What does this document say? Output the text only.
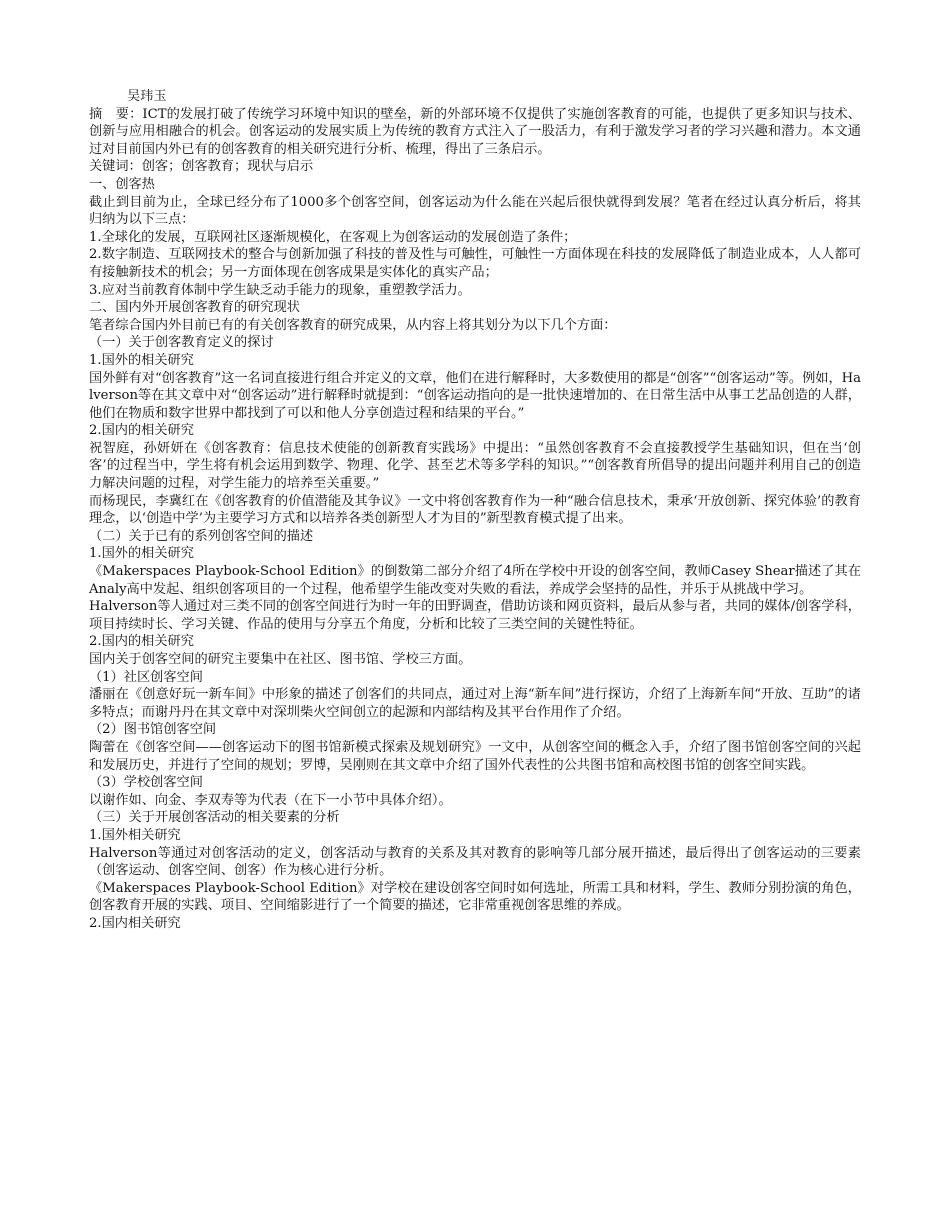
吴玮玉

摘　要：ICT的发展打破了传统学习环境中知识的壁垒，新的外部环境不仅提供了实施创客教育的可能，也提供了更多知识与技术、创新与应用相融合的机会。创客运动的发展实质上为传统的教育方式注入了一股活力，有利于激发学习者的学习兴趣和潜力。本文通过对目前国内外已有的创客教育的相关研究进行分析、梳理，得出了三条启示。

关键词：创客；创客教育；现状与启示

一、创客热

截止到目前为止，全球已经分布了1000多个创客空间，创客运动为什么能在兴起后很快就得到发展？笔者在经过认真分析后，将其归纳为以下三点：

1.全球化的发展，互联网社区逐渐规模化，在客观上为创客运动的发展创造了条件；

2.数字制造、互联网技术的整合与创新加强了科技的普及性与可触性，可触性一方面体现在科技的发展降低了制造业成本，人人都可有接触新技术的机会；另一方面体现在创客成果是实体化的真实产品；

3.应对当前教育体制中学生缺乏动手能力的现象，重塑教学活力。

二、国内外开展创客教育的研究现状

笔者综合国内外目前已有的有关创客教育的研究成果，从内容上将其划分为以下几个方面：

（一）关于创客教育定义的探讨

1.国外的相关研究

国外鲜有对“创客教育”这一名词直接进行组合并定义的文章，他们在进行解释时，大多数使用的都是“创客”“创客运动”等。例如，Halverson等在其文章中对“创客运动”进行解释时就提到：“创客运动指向的是一批快速增加的、在日常生活中从事工艺品创造的人群，他们在物质和数字世界中都找到了可以和他人分享创造过程和结果的平台。”

2.国内的相关研究

祝智庭，孙妍妍在《创客教育：信息技术使能的创新教育实践场》中提出：“虽然创客教育不会直接教授学生基础知识，但在当‘创客’的过程当中，学生将有机会运用到数学、物理、化学、甚至艺术等多学科的知识。”“创客教育所倡导的提出问题并利用自己的创造力解决问题的过程，对学生能力的培养至关重要。”

而杨现民，李冀红在《创客教育的价值潜能及其争议》一文中将创客教育作为一种“融合信息技术，秉承‘开放创新、探究体验’的教育理念，以‘创造中学’为主要学习方式和以培养各类创新型人才为目的”新型教育模式提了出来。

（二）关于已有的系列创客空间的描述

1.国外的相关研究

《Makerspaces Playbook-School Edition》的倒数第二部分介绍了4所在学校中开设的创客空间，教师Casey Shear描述了其在Analy高中发起、组织创客项目的一个过程，他希望学生能改变对失败的看法，养成学会坚持的品性，并乐于从挑战中学习。

Halverson等人通过对三类不同的创客空间进行为时一年的田野调查，借助访谈和网页资料，最后从参与者，共同的媒体/创客学科，项目持续时长、学习关键、作品的使用与分享五个角度，分析和比较了三类空间的关键性特征。

2.国内的相关研究

国内关于创客空间的研究主要集中在社区、图书馆、学校三方面。

（1）社区创客空间

潘丽在《创意好玩一新车间》中形象的描述了创客们的共同点，通过对上海“新车间”进行探访，介绍了上海新车间“开放、互助”的诸多特点；而谢丹丹在其文章中对深圳柴火空间创立的起源和内部结构及其平台作用作了介绍。

（2）图书馆创客空间

陶蕾在《创客空间——创客运动下的图书馆新模式探索及规划研究》一文中，从创客空间的概念入手，介绍了图书馆创客空间的兴起和发展历史，并进行了空间的规划；罗博，吴刚则在其文章中介绍了国外代表性的公共图书馆和高校图书馆的创客空间实践。

（3）学校创客空间

以谢作如、向金、李双寿等为代表（在下一小节中具体介绍）。

（三）关于开展创客活动的相关要素的分析

1.国外相关研究

Halverson等通过对创客活动的定义，创客活动与教育的关系及其对教育的影响等几部分展开描述，最后得出了创客运动的三要素（创客运动、创客空间、创客）作为核心进行分析。

《Makerspaces Playbook-School Edition》对学校在建设创客空间时如何选址，所需工具和材料，学生、教师分别扮演的角色，创客教育开展的实践、项目、空间缩影进行了一个简要的描述，它非常重视创客思维的养成。

2.国内相关研究
